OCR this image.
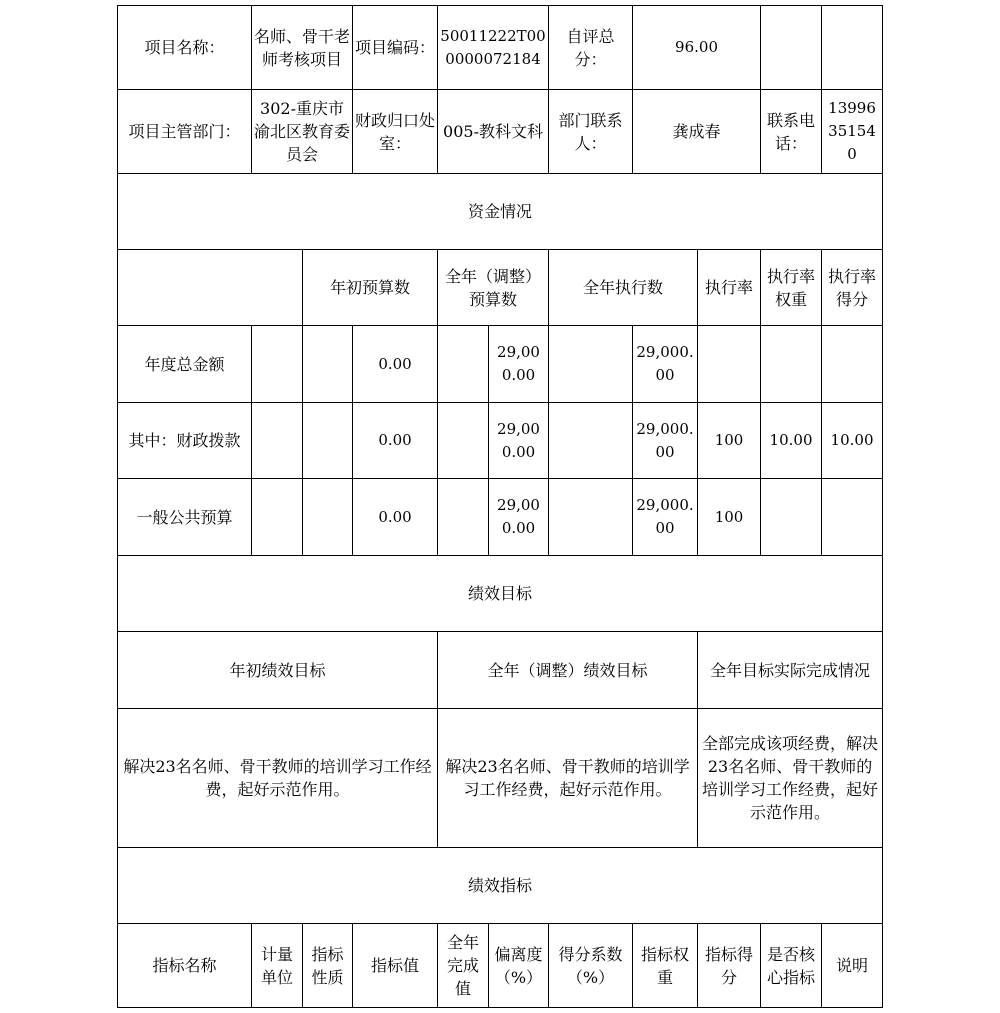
项目名称：	名师、骨干老师考核项目		项目编码：	50011222T000000072184		自评总分：	96.00			
项目主管部门：	302-重庆市渝北区教育委员会		财政归口处室：	005-教科文科		部门联系人：	龚成春		联系电话：	13996351540
资金情况										
		年初预算数		全年（调整）预算数		全年执行数		执行率	执行率权重	执行率得分
年度总金额			0.00		29,000.00		29,000.00			
其中：财政拨款			0.00		29,000.00		29,000.00	100	10.00	10.00
一般公共预算			0.00		29,000.00		29,000.00	100		
绩效目标										
年初绩效目标				全年（调整）绩效目标				全年目标实际完成情况		
解决23名名师、骨干教师的培训学习工作经费，起好示范作用。				解决23名名师、骨干教师的培训学习工作经费，起好示范作用。				全部完成该项经费，解决23名名师、骨干教师的培训学习工作经费，起好示范作用。		
绩效指标										
指标名称	计量单位	指标性质	指标值	全年完成值	偏离度（%）	得分系数（%）	指标权重	指标得分	是否核心指标	说明
